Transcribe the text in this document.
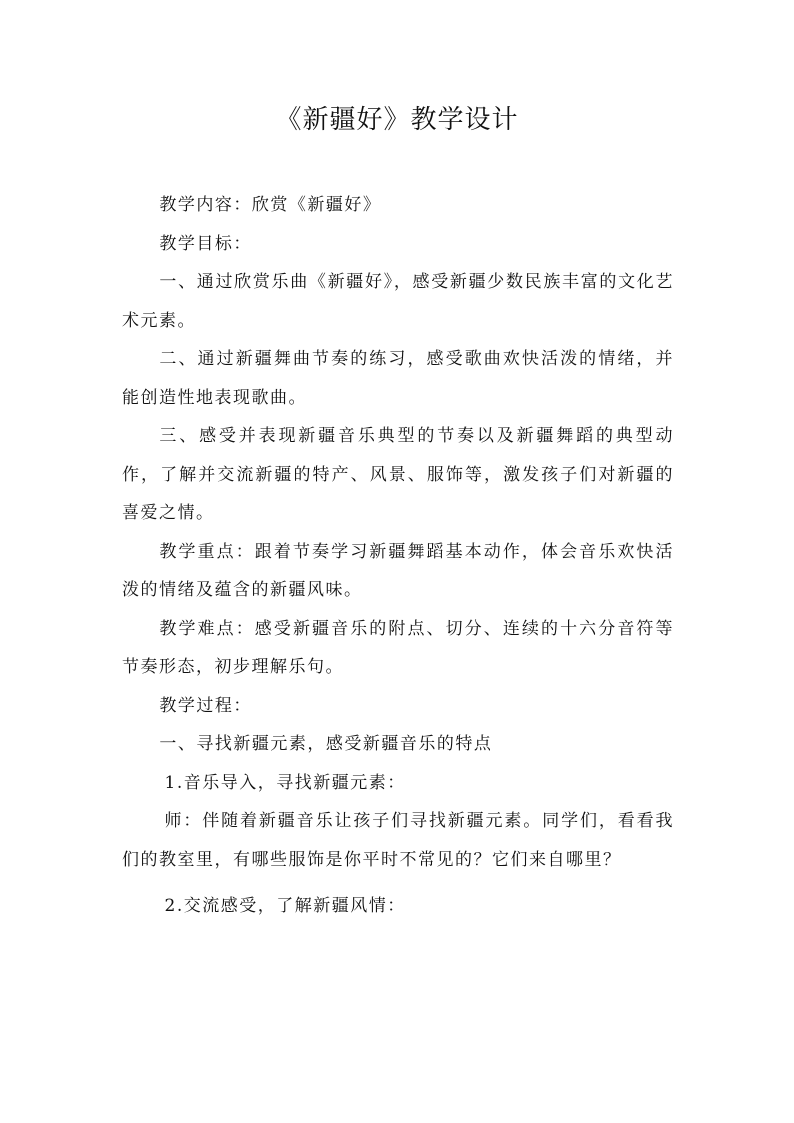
《新疆好》教学设计

教学内容：欣赏《新疆好》

教学目标：

一、通过欣赏乐曲《新疆好》，感受新疆少数民族丰富的文化艺术元素。

二、通过新疆舞曲节奏的练习，感受歌曲欢快活泼的情绪，并能创造性地表现歌曲。

三、感受并表现新疆音乐典型的节奏以及新疆舞蹈的典型动作，了解并交流新疆的特产、风景、服饰等，激发孩子们对新疆的喜爱之情。

教学重点：跟着节奏学习新疆舞蹈基本动作，体会音乐欢快活泼的情绪及蕴含的新疆风味。

教学难点：感受新疆音乐的附点、切分、连续的十六分音符等节奏形态，初步理解乐句。

教学过程：

一、寻找新疆元素，感受新疆音乐的特点

1.音乐导入，寻找新疆元素：

师：伴随着新疆音乐让孩子们寻找新疆元素。同学们，看看我们的教室里，有哪些服饰是你平时不常见的？它们来自哪里？

2.交流感受，了解新疆风情：
